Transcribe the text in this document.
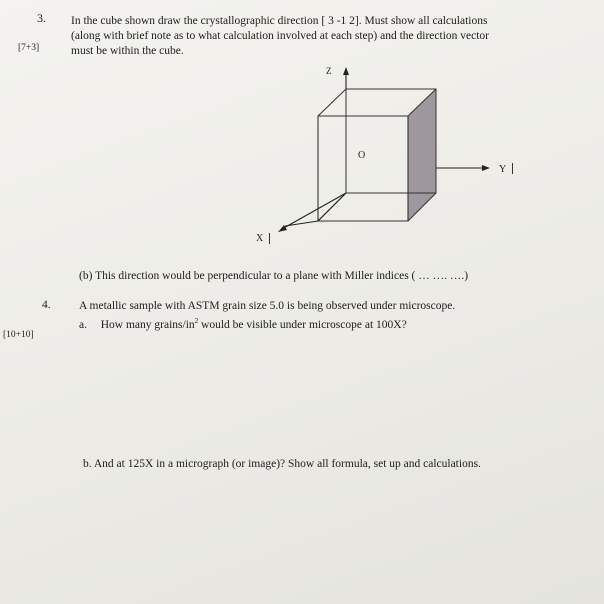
3.
[7+3]
In the cube shown draw the crystallographic direction [ 3 -1 2]. Must show all calculations
(along with brief note as to what calculation involved at each step) and the direction vector
must be within the cube.
Z
Y
X
O
(b) This direction would be perpendicular to a plane with Miller indices ( … …. ….)
4.
[10+10]
A metallic sample with ASTM grain size 5.0 is being observed under microscope.
a. How many grains/$in^2$ would be visible under microscope at 100X?
b. And at 125X in a micrograph (or image)? Show all formula, set up and calculations.
